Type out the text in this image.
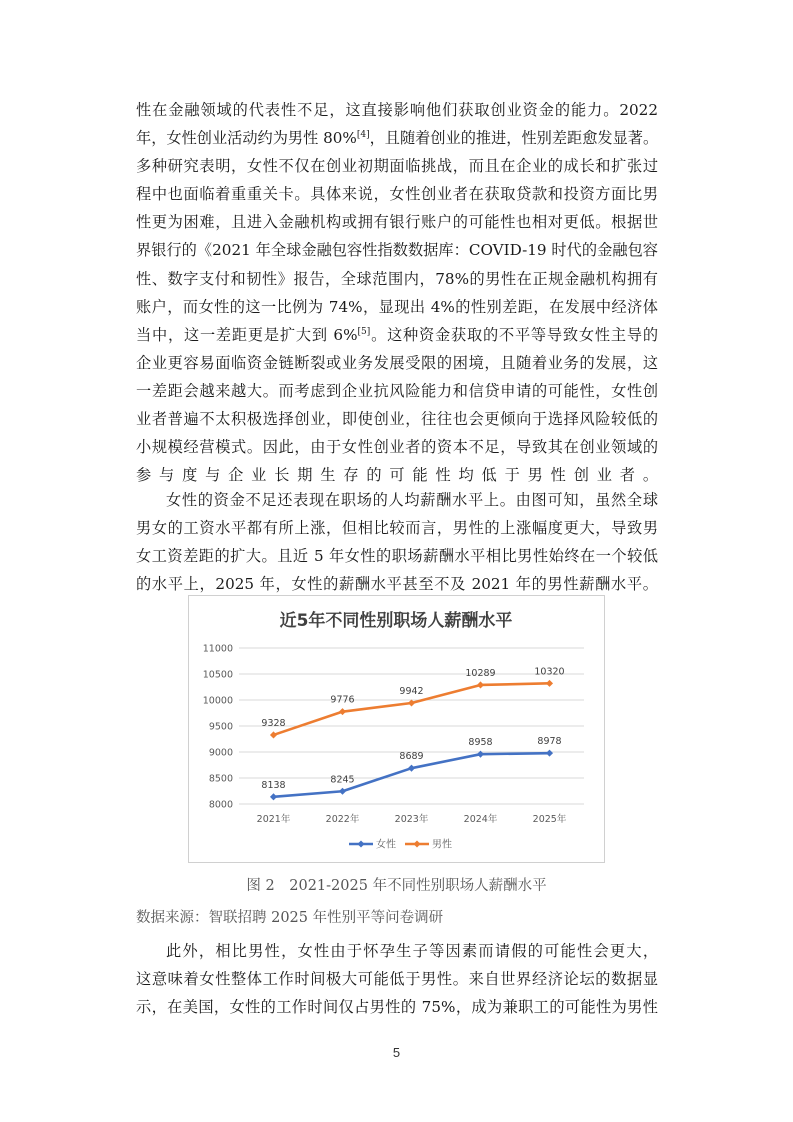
性在金融领域的代表性不足，这直接影响他们获取创业资金的能力。2022
年，女性创业活动约为男性 80%[4]，且随着创业的推进，性别差距愈发显著。
多种研究表明，女性不仅在创业初期面临挑战，而且在企业的成长和扩张过
程中也面临着重重关卡。具体来说，女性创业者在获取贷款和投资方面比男
性更为困难，且进入金融机构或拥有银行账户的可能性也相对更低。根据世
界银行的《2021 年全球金融包容性指数数据库：COVID-19 时代的金融包容
性、数字支付和韧性》报告，全球范围内，78%的男性在正规金融机构拥有
账户，而女性的这一比例为 74%，显现出 4%的性别差距，在发展中经济体
当中，这一差距更是扩大到 6%[5]。这种资金获取的不平等导致女性主导的
企业更容易面临资金链断裂或业务发展受限的困境，且随着业务的发展，这
一差距会越来越大。而考虑到企业抗风险能力和信贷申请的可能性，女性创
业者普遍不太积极选择创业，即使创业，往往也会更倾向于选择风险较低的
小规模经营模式。因此，由于女性创业者的资本不足，导致其在创业领域的
参与度与企业长期生存的可能性均低于男性创业者。
女性的资金不足还表现在职场的人均薪酬水平上。由图可知，虽然全球
男女的工资水平都有所上涨，但相比较而言，男性的上涨幅度更大，导致男
女工资差距的扩大。且近 5 年女性的职场薪酬水平相比男性始终在一个较低
的水平上，2025 年，女性的薪酬水平甚至不及 2021 年的男性薪酬水平。
近5年不同性别职场人薪酬水平
8000
8500
9000
9500
10000
10500
11000
2021年	2022年	2023年	2024年	2025年
8138
8245
8689
8958	8978
9328
9776
9942
10289	10320
女性	男性

图 2　2021-2025 年不同性别职场人薪酬水平

数据来源：智联招聘 2025 年性别平等问卷调研

此外，相比男性，女性由于怀孕生子等因素而请假的可能性会更大，
这意味着女性整体工作时间极大可能低于男性。来自世界经济论坛的数据显
示，在美国，女性的工作时间仅占男性的 75%，成为兼职工的可能性为男性
5
